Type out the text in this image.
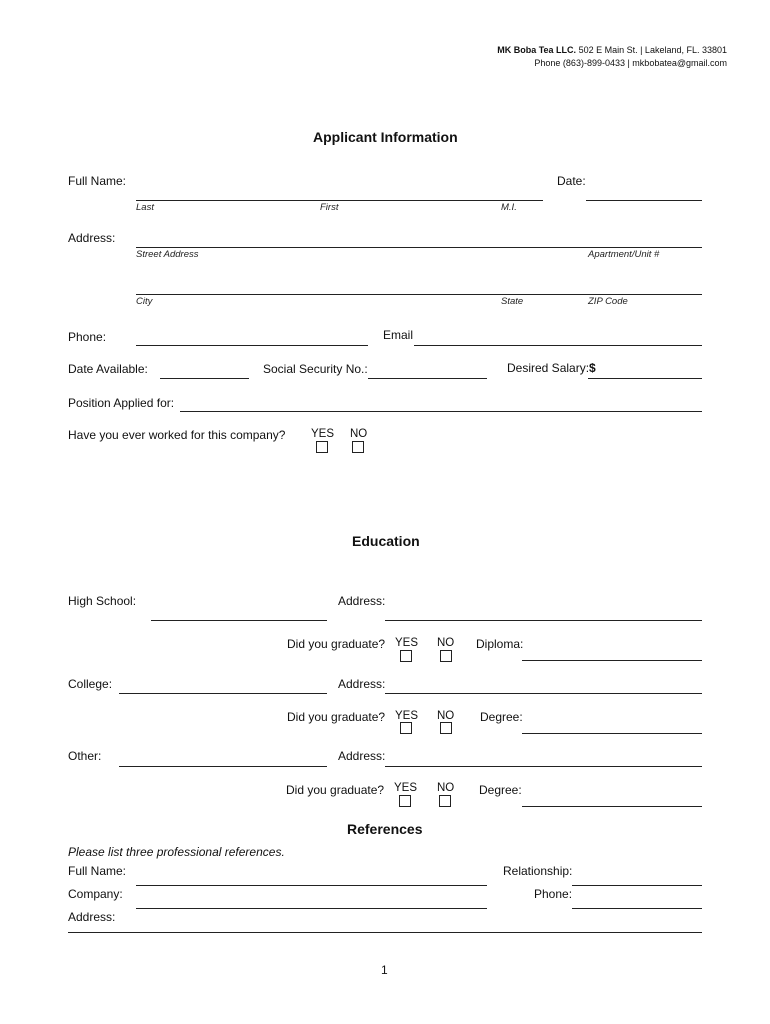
MK Boba Tea LLC. 502 E Main St. | Lakeland, FL. 33801
Phone (863)-899-0433 | mkbobatea@gmail.com
Applicant Information
Full Name:	Date:
Last	First	M.I.
Address:
Street Address	Apartment/Unit #
City	State	ZIP Code
Phone:	Email
Date Available:	Social Security No.:	Desired Salary: $
Position Applied for:
Have you ever worked for this company? YES NO
Education
High School:	Address:
Did you graduate? YES NO Diploma:
College:	Address:
Did you graduate? YES NO Degree:
Other:	Address:
Did you graduate? YES NO Degree:
References
Please list three professional references.
Full Name:	Relationship:
Company:	Phone:
Address:
1
